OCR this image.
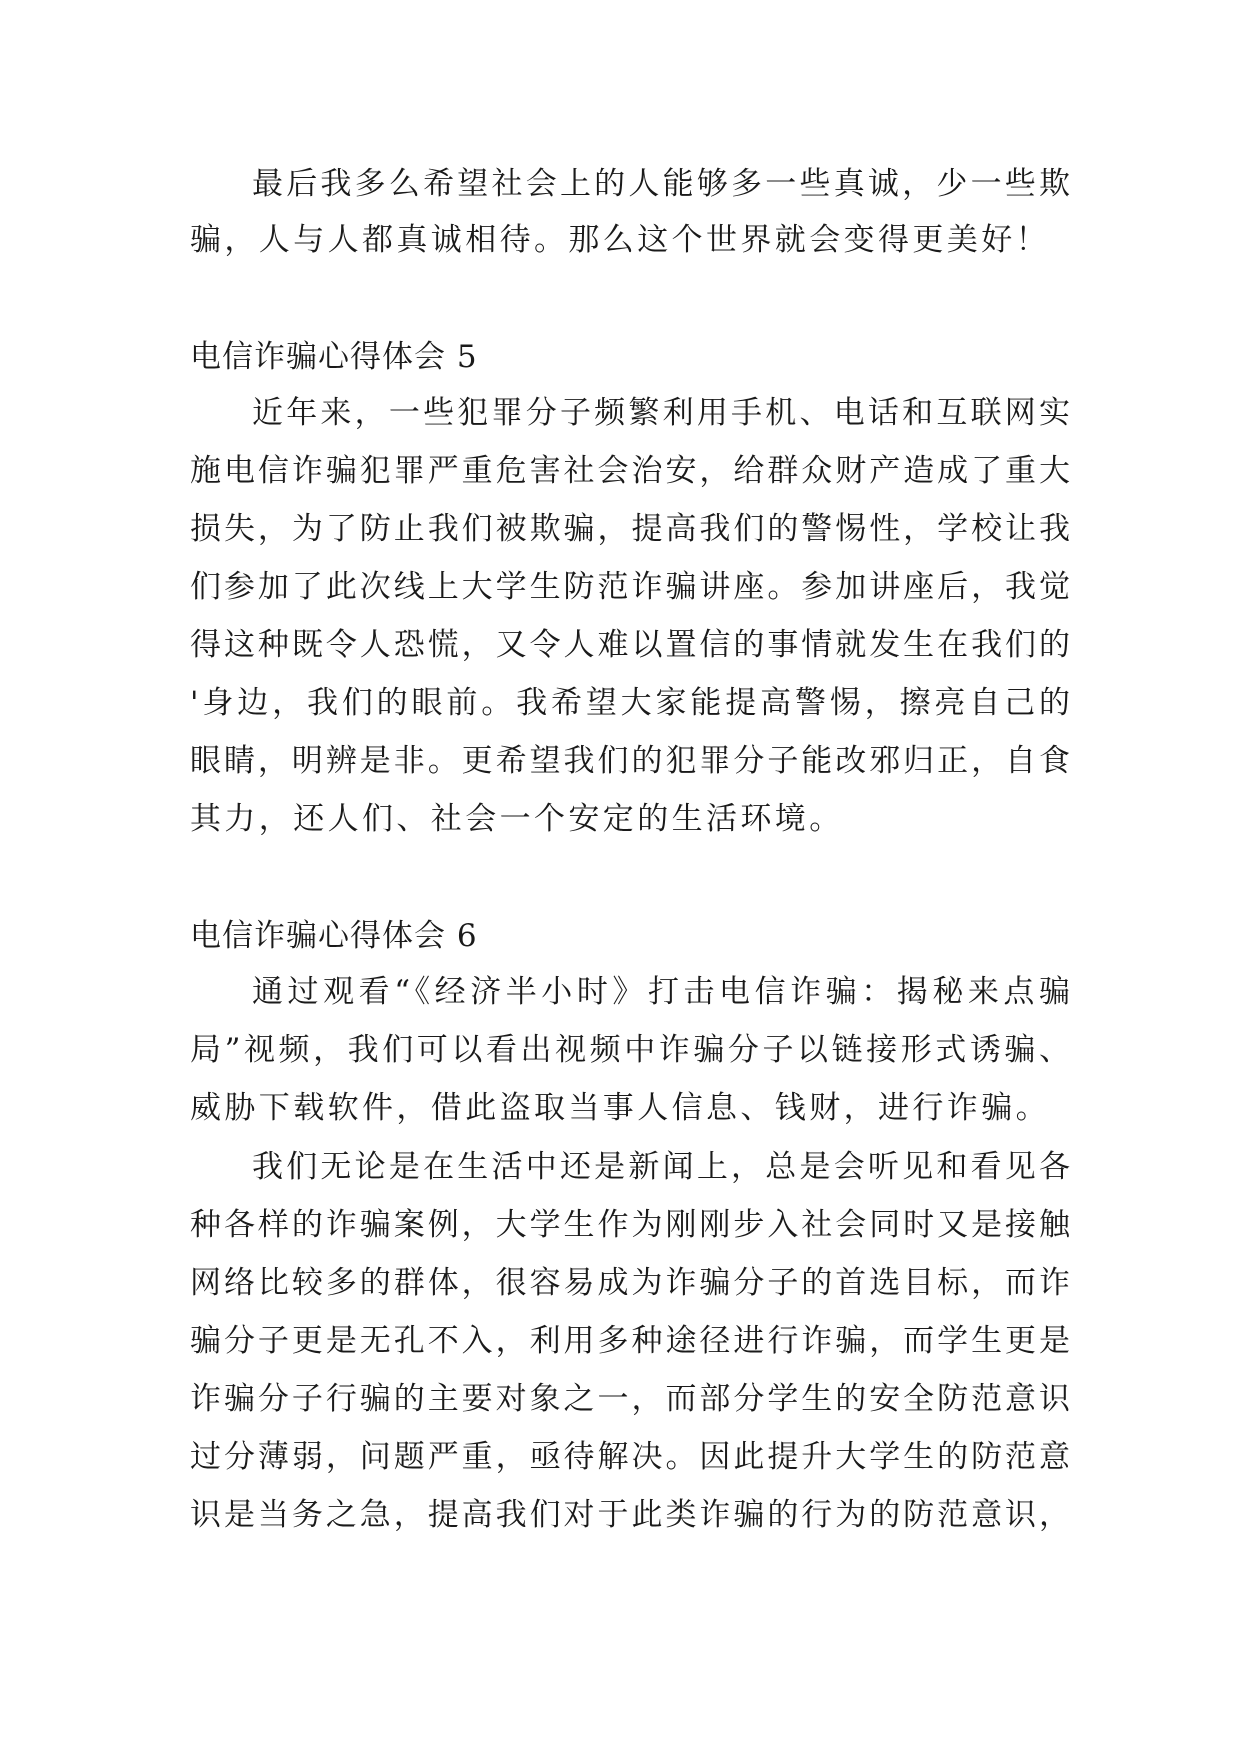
最后我多么希望社会上的人能够多一些真诚，少一些欺
骗，人与人都真诚相待。那么这个世界就会变得更美好！
电信诈骗心得体会 5
近年来，一些犯罪分子频繁利用手机、电话和互联网实
施电信诈骗犯罪严重危害社会治安，给群众财产造成了重大
损失，为了防止我们被欺骗，提高我们的警惕性，学校让我
们参加了此次线上大学生防范诈骗讲座。参加讲座后，我觉
得这种既令人恐慌，又令人难以置信的事情就发生在我们的
'身边，我们的眼前。我希望大家能提高警惕，擦亮自己的
眼睛，明辨是非。更希望我们的犯罪分子能改邪归正，自食
其力，还人们、社会一个安定的生活环境。
电信诈骗心得体会 6
通过观看“《经济半小时》打击电信诈骗：揭秘来点骗
局”视频，我们可以看出视频中诈骗分子以链接形式诱骗、
威胁下载软件，借此盗取当事人信息、钱财，进行诈骗。
我们无论是在生活中还是新闻上，总是会听见和看见各
种各样的诈骗案例，大学生作为刚刚步入社会同时又是接触
网络比较多的群体，很容易成为诈骗分子的首选目标，而诈
骗分子更是无孔不入，利用多种途径进行诈骗，而学生更是
诈骗分子行骗的主要对象之一，而部分学生的安全防范意识
过分薄弱，问题严重，亟待解决。因此提升大学生的防范意
识是当务之急，提高我们对于此类诈骗的行为的防范意识，
